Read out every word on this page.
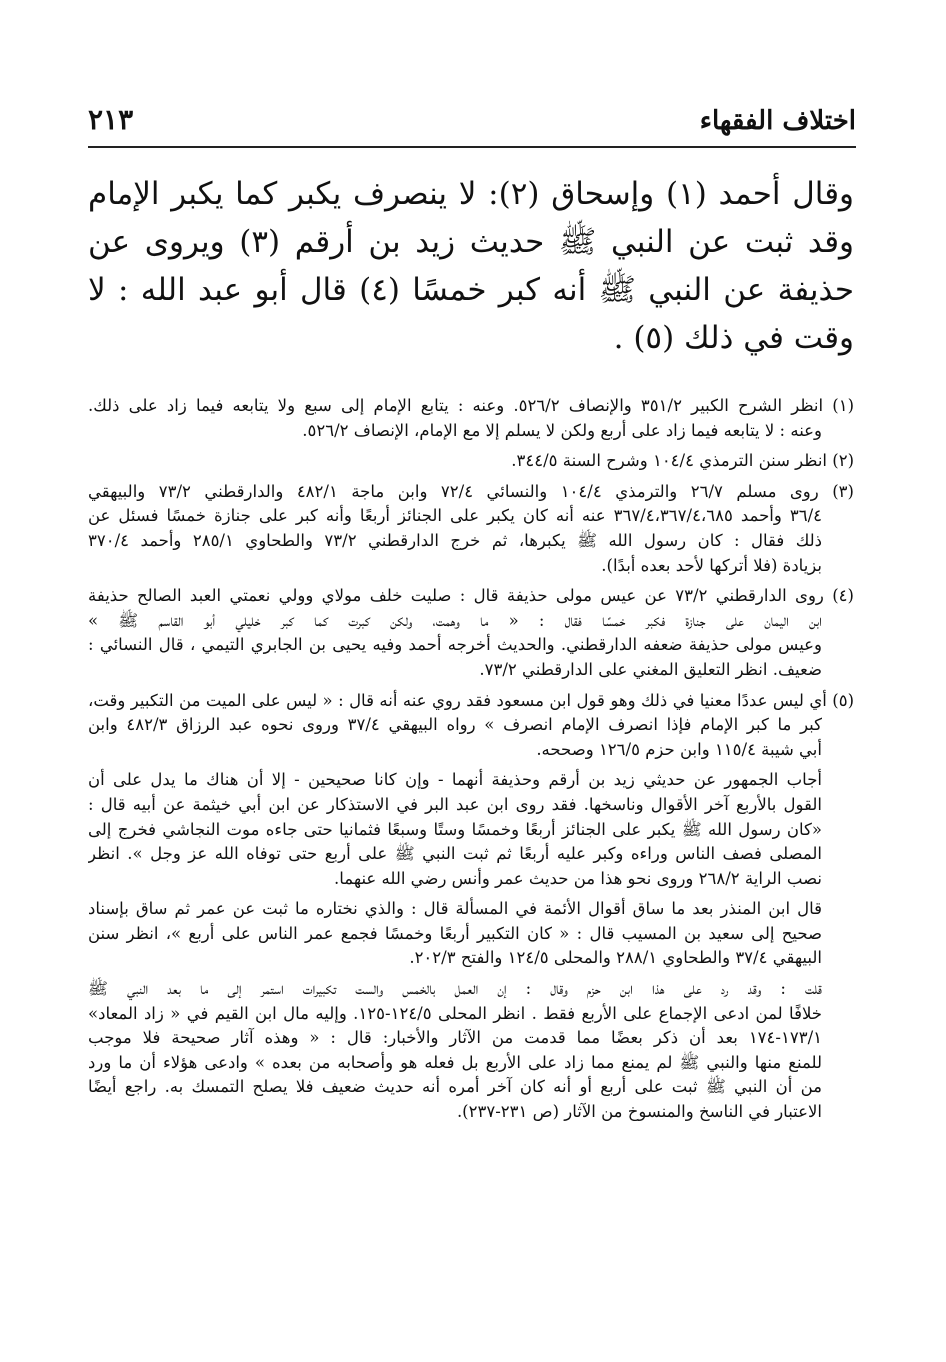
اختلاف الفقهاء
٢١٣
وقال أحمد (١) وإسحاق (٢): لا ينصرف يكبر كما يكبر الإمام
وقد ثبت عن النبي ﷺ حديث زيد بن أرقم (٣) ويروى عن
حذيفة عن النبي ﷺ أنه كبر خمسًا (٤) قال أبو عبد الله : لا
وقت في ذلك (٥) .
(١) انظر الشرح الكبير ٣٥١/٢ والإنصاف ٥٢٦/٢. وعنه : يتابع الإمام إلى سبع ولا يتابعه فيما زاد على ذلك.
وعنه : لا يتابعه فيما زاد على أربع ولكن لا يسلم إلا مع الإمام، الإنصاف ٥٢٦/٢.
(٢) انظر سنن الترمذي ١٠٤/٤ وشرح السنة ٣٤٤/٥.
(٣) روى مسلم ٢٦/٧ والترمذي ١٠٤/٤ والنسائي ٧٢/٤ وابن ماجة ٤٨٢/١ والدارقطني ٧٣/٢ والبيهقي
٣٦/٤ وأحمد ٣٦٧/٤،٣٦٧/٤،٦٨٥ عنه أنه كان يكبر على الجنائز أربعًا وأنه كبر على جنازة خمسًا فسئل عن
ذلك فقال : كان رسول الله ﷺ يكبرها، ثم خرج الدارقطني ٧٣/٢ والطحاوي ٢٨٥/١ وأحمد ٣٧٠/٤
بزيادة (فلا أتركها لأحد بعده أبدًا).
(٤) روى الدارقطني ٧٣/٢ عن عيس مولى حذيفة قال : صليت خلف مولاي وولي نعمتي العبد الصالح حذيفة
ابن اليمان على جنازة فكبر خمسًا فقال : « ما وهمت، ولكن كبرت كما كبر خليلي أبو القاسم ﷺ »
وعيس مولى حذيفة ضعفه الدارقطني. والحديث أخرجه أحمد وفيه يحيى بن الجابري التيمي ، قال النسائي :
ضعيف. انظر التعليق المغني على الدارقطني ٧٣/٢.
(٥) أي ليس عددًا معنيا في ذلك وهو قول ابن مسعود فقد روي عنه أنه قال : « ليس على الميت من التكبير وقت،
كبر ما كبر الإمام فإذا انصرف الإمام انصرف » رواه البيهقي ٣٧/٤ وروى نحوه عبد الرزاق ٤٨٢/٣ وابن
أبي شيبة ١١٥/٤ وابن حزم ١٢٦/٥ وصححه.
أجاب الجمهور عن حديثي زيد بن أرقم وحذيفة أنهما - وإن كانا صحيحين - إلا أن هناك ما يدل على أن
القول بالأربع آخر الأقوال وناسخها. فقد روى ابن عبد البر في الاستذكار عن ابن أبي خيثمة عن أبيه قال :
«كان رسول الله ﷺ يكبر على الجنائز أربعًا وخمسًا وستًا وسبعًا فثمانيا حتى جاءه موت النجاشي فخرج إلى
المصلى فصف الناس وراءه وكبر عليه أربعًا ثم ثبت النبي ﷺ على أربع حتى توفاه الله عز وجل ». انظر
نصب الراية ٢٦٨/٢ وروى نحو هذا من حديث عمر وأنس رضي الله عنهما.
قال ابن المنذر بعد ما ساق أقوال الأئمة في المسألة قال : والذي نختاره ما ثبت عن عمر ثم ساق بإسناد
صحيح إلى سعيد بن المسيب قال : « كان التكبير أربعًا وخمسًا فجمع عمر الناس على أربع »، انظر سنن
البيهقي ٣٧/٤ والطحاوي ٢٨٨/١ والمحلى ١٢٤/٥ والفتح ٢٠٢/٣.
قلت : وقد رد على هذا ابن حزم وقال : إن العمل بالخمس والست تكبيرات استمر إلى ما بعد النبي ﷺ
خلافًا لمن ادعى الإجماع على الأربع فقط . انظر المحلى ١٢٤/٥-١٢٥. وإليه مال ابن القيم في « زاد المعاد»
١٧٣/١-١٧٤ بعد أن ذكر بعضًا مما قدمت من الآثار والأخبار: قال : « وهذه آثار صحيحة فلا موجب
للمنع منها والنبي ﷺ لم يمنع مما زاد على الأربع بل فعله هو وأصحابه من بعده » وادعى هؤلاء أن ما ورد
من أن النبي ﷺ ثبت على أربع أو أنه كان آخر أمره أنه حديث ضعيف فلا يصلح التمسك به. راجع أيضًا
الاعتبار في الناسخ والمنسوخ من الآثار (ص ٢٣١-٢٣٧).
